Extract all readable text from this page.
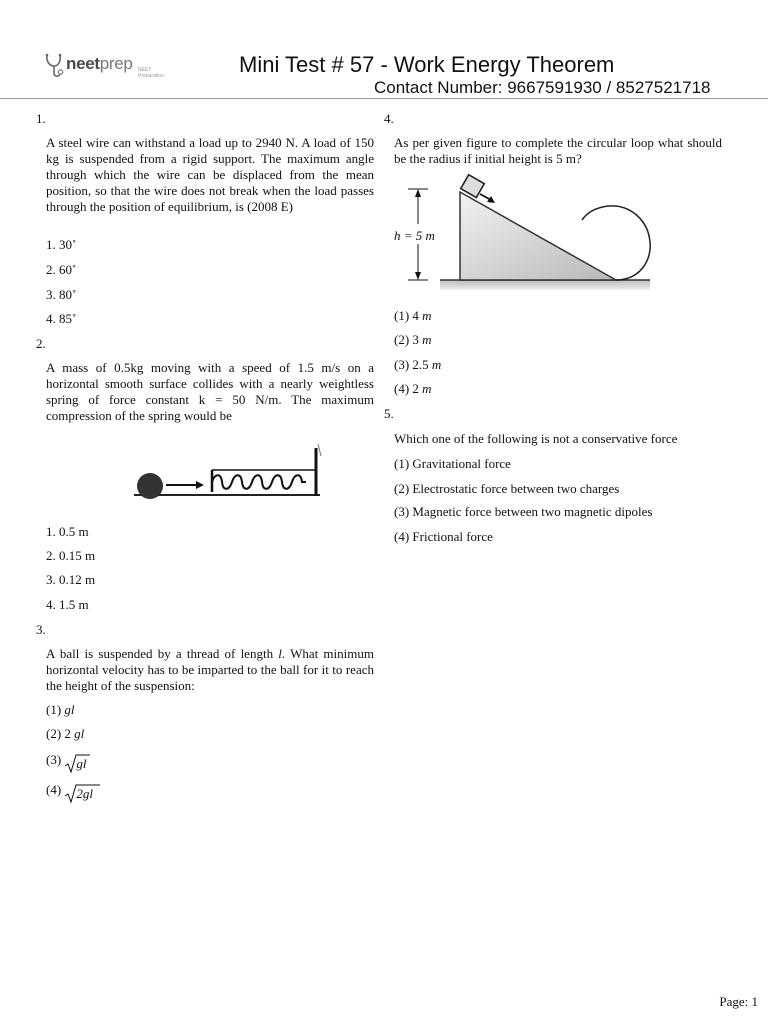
neetprep NEET Preparation	Mini Test # 57 - Work Energy Theorem
Contact Number: 9667591930 / 8527521718
1.
A steel wire can withstand a load up to 2940 N. A load of 150 kg is suspended from a rigid support. The maximum angle through which the wire can be displaced from the mean position, so that the wire does not break when the load passes through the position of equilibrium, is (2008 E)
1. 30˚
2. 60˚
3. 80˚
4. 85˚
2.
A mass of 0.5kg moving with a speed of 1.5 m/s on a horizontal smooth surface collides with a nearly weightless spring of force constant k = 50 N/m. The maximum compression of the spring would be
1. 0.5 m
2. 0.15 m
3. 0.12 m
4. 1.5 m
3.
A ball is suspended by a thread of length l. What minimum horizontal velocity has to be imparted to the ball for it to reach the height of the suspension:
(1) gl
(2) 2 gl
(3)
gl
(4)
2gl
4.
As per given figure to complete the circular loop what should be the radius if initial height is 5 m?
h = 5 m
(1) 4 m
(2) 3 m
(3) 2.5 m
(4) 2 m
5.
Which one of the following is not a conservative force
(1) Gravitational force
(2) Electrostatic force between two charges
(3) Magnetic force between two magnetic dipoles
(4) Frictional force
Page: 1
